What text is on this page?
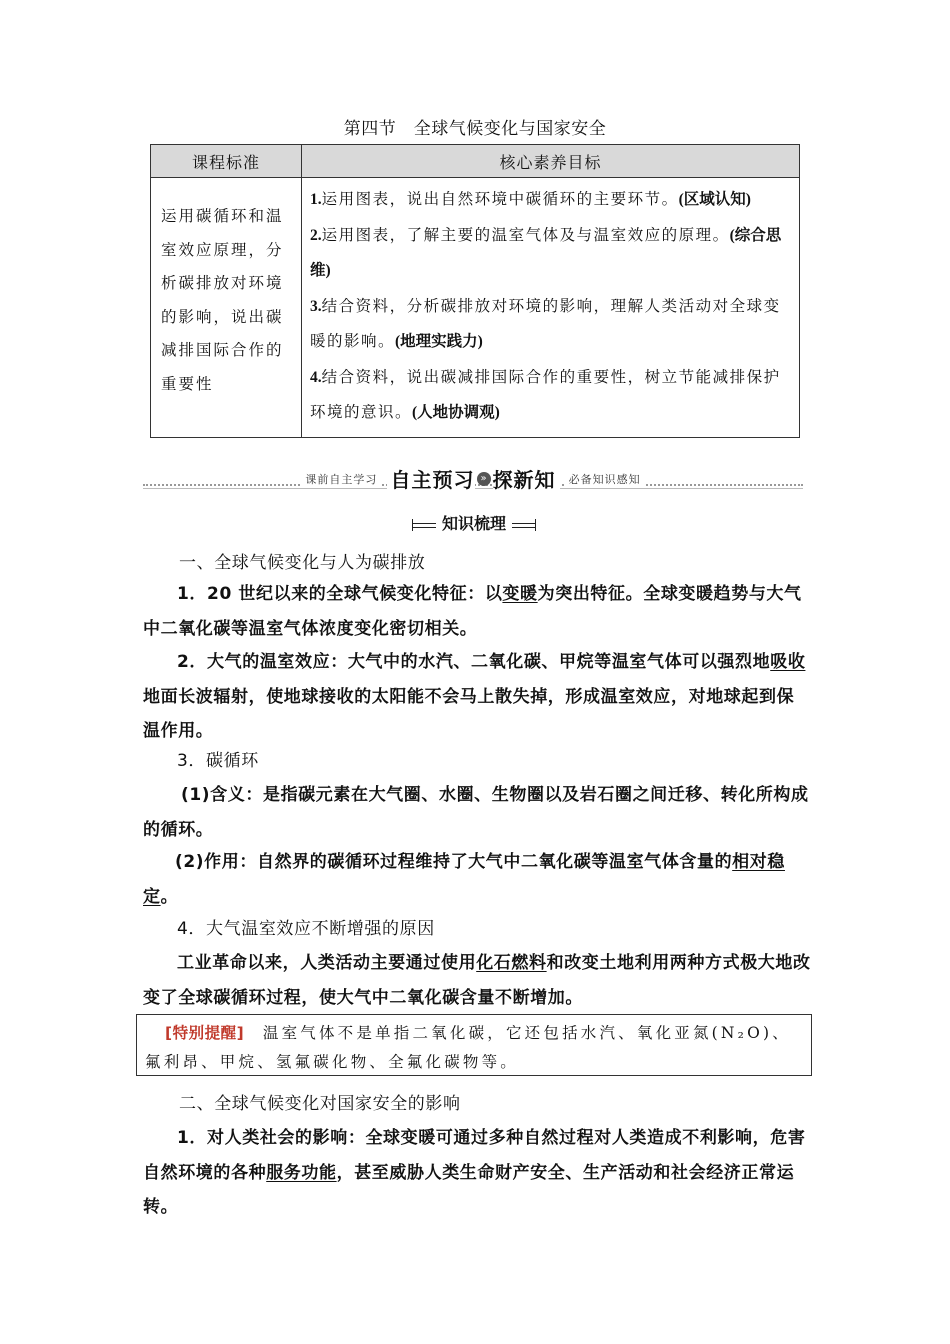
第四节　全球气候变化与国家安全
课程标准	核心素养目标
运用碳循环和温室效应原理，分析碳排放对环境的影响，说出碳减排国际合作的重要性	1.运用图表，说出自然环境中碳循环的主要环节。(区域认知)

2.运用图表，了解主要的温室气体及与温室效应的原理。(综合思维)

3.结合资料，分析碳排放对环境的影响，理解人类活动对全球变暖的影响。(地理实践力)

4.结合资料，说出碳减排国际合作的重要性，树立节能减排保护环境的意识。(人地协调观)

课前自主学习 自主预习 » 探新知 必备知识感知
知识梳理
一、全球气候变化与人为碳排放
1．20 世纪以来的全球气候变化特征：以变暖为突出特征。全球变暖趋势与大气中二氧化碳等温室气体浓度变化密切相关。
2．大气的温室效应：大气中的水汽、二氧化碳、甲烷等温室气体可以强烈地吸收地面长波辐射，使地球接收的太阳能不会马上散失掉，形成温室效应，对地球起到保温作用。
3．碳循环
(1)含义：是指碳元素在大气圈、水圈、生物圈以及岩石圈之间迁移、转化所构成的循环。
(2)作用：自然界的碳循环过程维持了大气中二氧化碳等温室气体含量的相对稳定。
4．大气温室效应不断增强的原因
工业革命以来，人类活动主要通过使用化石燃料和改变土地利用两种方式极大地改变了全球碳循环过程，使大气中二氧化碳含量不断增加。
[特别提醒]　 温室气体不是单指二氧化碳，它还包括水汽、氧化亚氮(N₂O)、氟利昂、甲烷、氢氟碳化物、全氟化碳物等。
二、全球气候变化对国家安全的影响
1．对人类社会的影响：全球变暖可通过多种自然过程对人类造成不利影响，危害自然环境的各种服务功能，甚至威胁人类生命财产安全、生产活动和社会经济正常运转。
